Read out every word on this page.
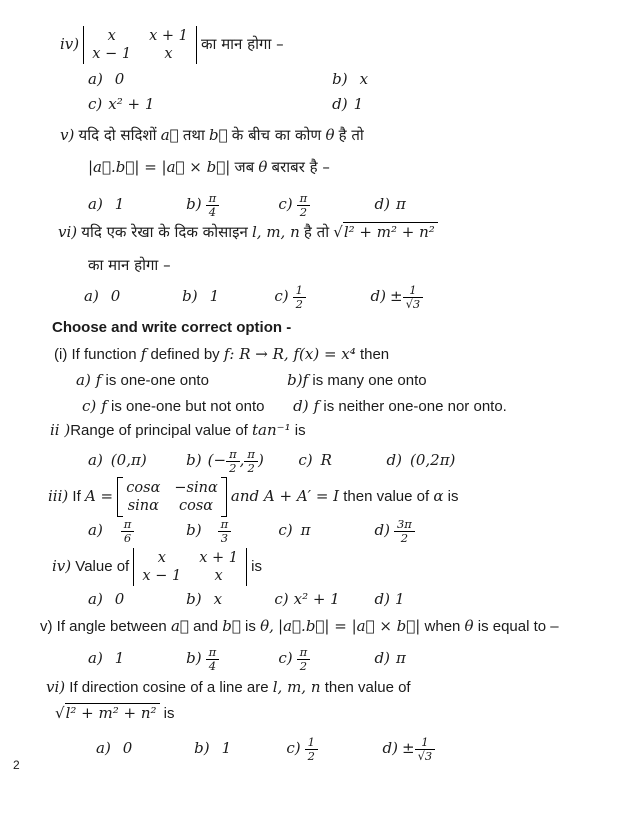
iv)	x	x + 1
x − 1	x
का मान होगा –
a) 0	b) x
c) x² + 1	d) 1
v) यदि दो सदिशों a⃗ तथा b⃗ के बीच का कोण θ है तो
|a⃗.b⃗| = |a⃗ × b⃗| जब θ बराबर है –
a) 1	$b) \frac{\pi}{4}$	$c) \frac{\pi}{2}$	d) π
vi) यदि एक रेखा के दिक कोसाइन l, m, n है तो √l² + m² + n²
का मान होगा –
a) 0	b) 1	$c) \frac{1}{2}$	$d) \pm \frac{1}{√3}$
Choose and write correct option -
(i) If function f defined by f: R → R, f(x) = x⁴ then
a) f is one-one onto	b)f is many one onto
c) f is one-one but not onto d) f is neither one-one nor onto.
ii )Range of principal value of tan⁻¹ is
a) (0,π)	b) (− $\frac{\pi}{2}$ , $\frac{\pi}{2}$ ) c) R	d) (0,2π)
iii) If A = cosα −sinα
sinα	cosα
and A + A′ = I then value of α is
$a) \frac{\pi}{6}$	$b) \frac{\pi}{3}$	c) π	$d) \frac{3\pi}{2}$
iv) Value of
x	x + 1
x − 1	x
is
a) 0	b) x	c) x² + 1 d) 1
v) If angle between a⃗ and b⃗ is θ, |a⃗.b⃗| = |a⃗ × b⃗| when θ is equal to –
a) 1	$b) \frac{\pi}{4}$	$c) \frac{\pi}{2}$	d) π
vi) If direction cosine of a line are l, m, n then value of
√l² + m² + n² is
a) 0	b) 1	$c) \frac{1}{2}$	$d) \pm \frac{1}{√3}$
2
